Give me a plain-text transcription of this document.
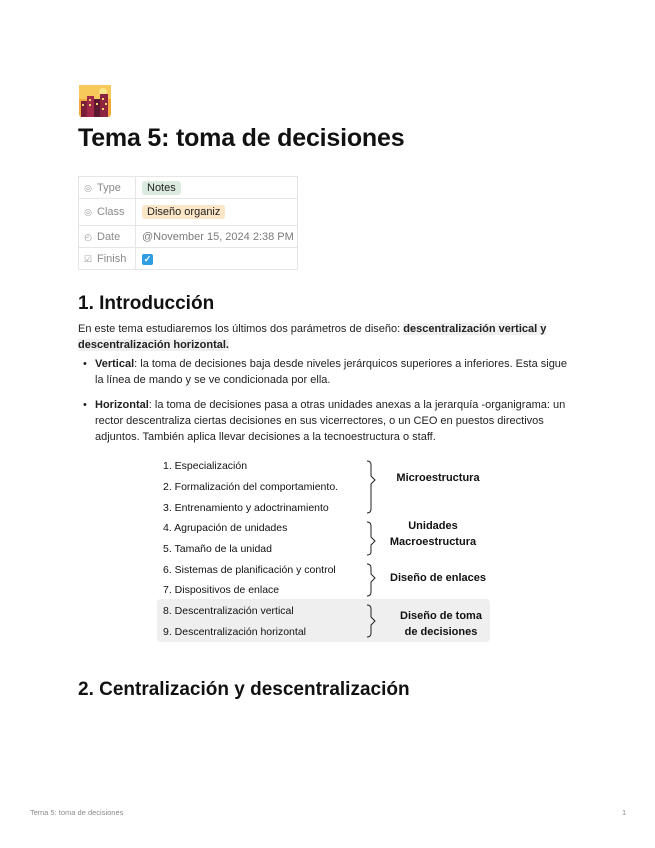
Tema 5: toma de decisiones
◎ Type	Notes
◎ Class	Diseño organiz
◴ Date	@November 15, 2024 2:38 PM
☑ Finish	✓
1. Introducción

En este tema estudiaremos los últimos dos parámetros de diseño: descentralización vertical y descentralización horizontal.

• Vertical: la toma de decisiones baja desde niveles jerárquicos superiores a inferiores. Esta sigue la línea de mando y se ve condicionada por ella.
• Horizontal: la toma de decisiones pasa a otras unidades anexas a la jerarquía -organigrama: un rector descentraliza ciertas decisiones en sus vicerrectores, o un CEO en puestos directivos adjuntos. También aplica llevar decisiones a la tecnoestructura o staff.
1. Especialización
2. Formalización del comportamiento.
3. Entrenamiento y adoctrinamiento
4. Agrupación de unidades
5. Tamaño de la unidad
6. Sistemas de planificación y control
7. Dispositivos de enlace
8. Descentralización vertical
9. Descentralización horizontal
Microestructura
Unidades
Macroestructura
Diseño de enlaces
Diseño de toma
de decisiones
2. Centralización y descentralización
Tema 5: toma de decisiones	1
